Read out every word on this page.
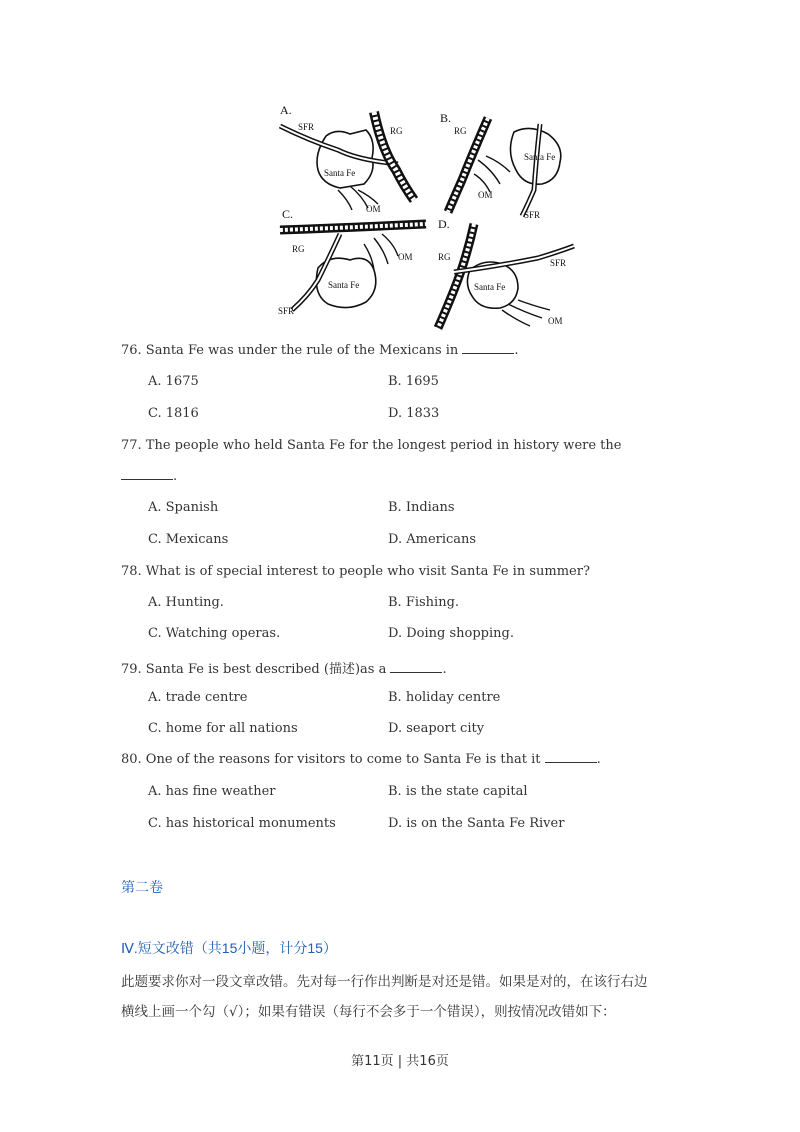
A.
SFR	RG
Santa Fe
OM
B.
RG
Santa Fe
OM
SFR
C.
RG
OM
Santa Fe
SFR
D.
RG
SFR
Santa Fe
OM
76. Santa Fe was under the rule of the Mexicans in	.
A. 1675	B. 1695
C. 1816	D. 1833
77. The people who held Santa Fe for the longest period in history were the
.
A. Spanish	B. Indians
C. Mexicans	D. Americans
78. What is of special interest to people who visit Santa Fe in summer?
A. Hunting.	B. Fishing.
C. Watching operas.	D. Doing shopping.
79. Santa Fe is best described (描述)as a	.
A. trade centre	B. holiday centre
C. home for all nations	D. seaport city
80. One of the reasons for visitors to come to Santa Fe is that it	.
A. has fine weather	B. is the state capital
C. has historical monuments	D. is on the Santa Fe River
第二卷
Ⅳ.短文改错（共15小题，计分15）
此题要求你对一段文章改错。先对每一行作出判断是对还是错。如果是对的，在该行右边
横线上画一个勾（√）；如果有错误（每行不会多于一个错误），则按情况改错如下：
第11页 | 共16页
